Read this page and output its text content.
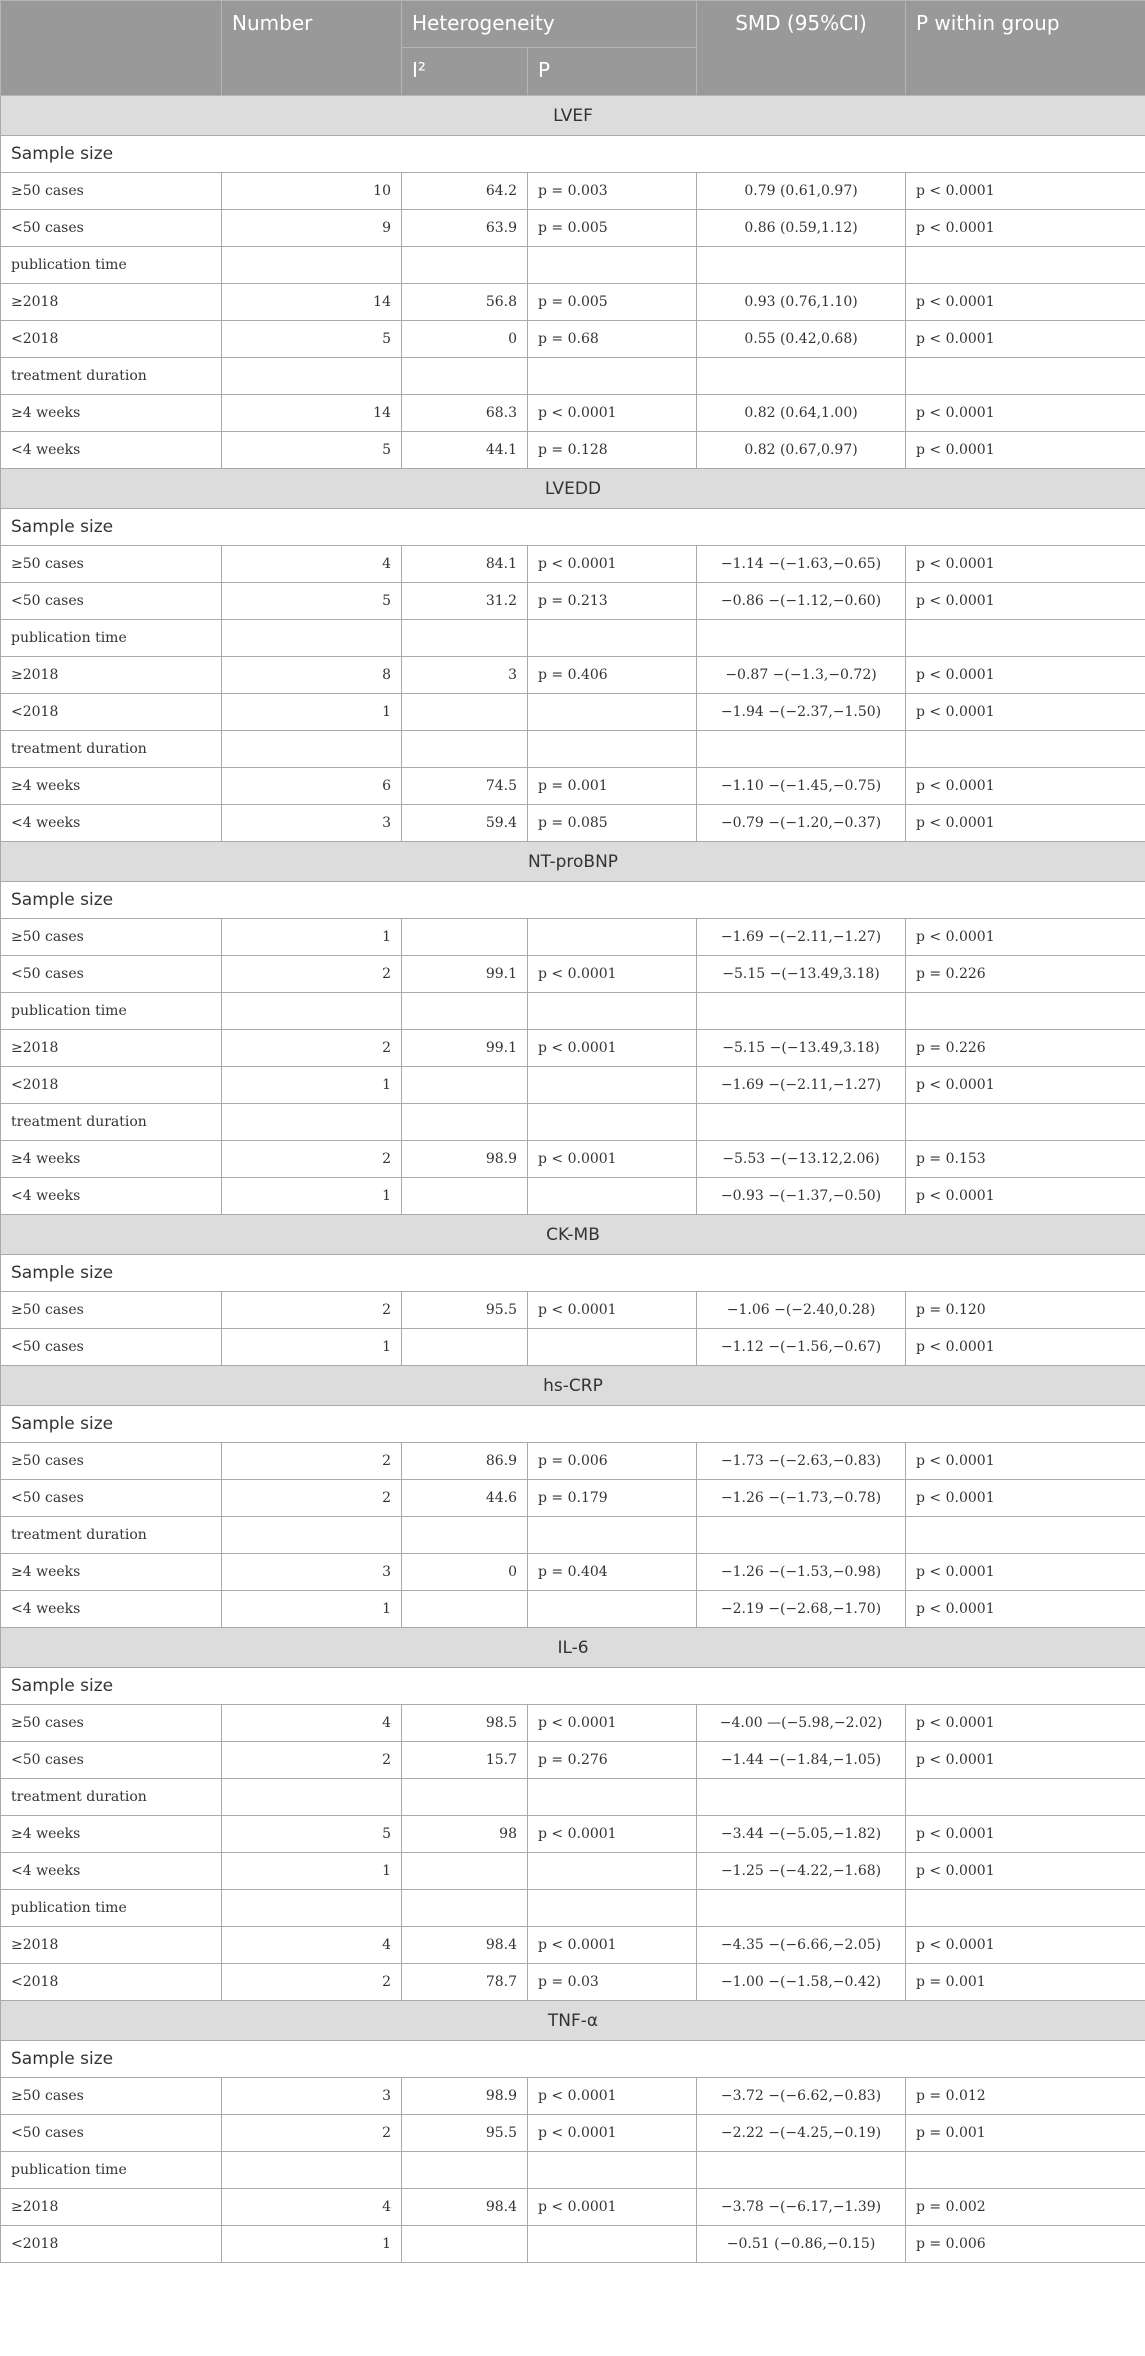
	Number	Heterogeneity		SMD (95%CI)	P within group
		I²	P		
LVEF					
Sample size					
≥50 cases	10	64.2	p = 0.003	0.79 (0.61,0.97)	p < 0.0001
<50 cases	9	63.9	p = 0.005	0.86 (0.59,1.12)	p < 0.0001
publication time					
≥2018	14	56.8	p = 0.005	0.93 (0.76,1.10)	p < 0.0001
<2018	5	0	p = 0.68	0.55 (0.42,0.68)	p < 0.0001
treatment duration					
≥4 weeks	14	68.3	p < 0.0001	0.82 (0.64,1.00)	p < 0.0001
<4 weeks	5	44.1	p = 0.128	0.82 (0.67,0.97)	p < 0.0001
LVEDD					
Sample size					
≥50 cases	4	84.1	p < 0.0001	−1.14 −(−1.63,−0.65)	p < 0.0001
<50 cases	5	31.2	p = 0.213	−0.86 −(−1.12,−0.60)	p < 0.0001
publication time					
≥2018	8	3	p = 0.406	−0.87 −(−1.3,−0.72)	p < 0.0001
<2018	1			−1.94 −(−2.37,−1.50)	p < 0.0001
treatment duration					
≥4 weeks	6	74.5	p = 0.001	−1.10 −(−1.45,−0.75)	p < 0.0001
<4 weeks	3	59.4	p = 0.085	−0.79 −(−1.20,−0.37)	p < 0.0001
NT-proBNP					
Sample size					
≥50 cases	1			−1.69 −(−2.11,−1.27)	p < 0.0001
<50 cases	2	99.1	p < 0.0001	−5.15 −(−13.49,3.18)	p = 0.226
publication time					
≥2018	2	99.1	p < 0.0001	−5.15 −(−13.49,3.18)	p = 0.226
<2018	1			−1.69 −(−2.11,−1.27)	p < 0.0001
treatment duration					
≥4 weeks	2	98.9	p < 0.0001	−5.53 −(−13.12,2.06)	p = 0.153
<4 weeks	1			−0.93 −(−1.37,−0.50)	p < 0.0001
CK-MB					
Sample size					
≥50 cases	2	95.5	p < 0.0001	−1.06 −(−2.40,0.28)	p = 0.120
<50 cases	1			−1.12 −(−1.56,−0.67)	p < 0.0001
hs-CRP					
Sample size					
≥50 cases	2	86.9	p = 0.006	−1.73 −(−2.63,−0.83)	p < 0.0001
<50 cases	2	44.6	p = 0.179	−1.26 −(−1.73,−0.78)	p < 0.0001
treatment duration					
≥4 weeks	3	0	p = 0.404	−1.26 −(−1.53,−0.98)	p < 0.0001
<4 weeks	1			−2.19 −(−2.68,−1.70)	p < 0.0001
IL-6					
Sample size					
≥50 cases	4	98.5	p < 0.0001	−4.00 —(−5.98,−2.02)	p < 0.0001
<50 cases	2	15.7	p = 0.276	−1.44 −(−1.84,−1.05)	p < 0.0001
treatment duration					
≥4 weeks	5	98	p < 0.0001	−3.44 −(−5.05,−1.82)	p < 0.0001
<4 weeks	1			−1.25 −(−4.22,−1.68)	p < 0.0001
publication time					
≥2018	4	98.4	p < 0.0001	−4.35 −(−6.66,−2.05)	p < 0.0001
<2018	2	78.7	p = 0.03	−1.00 −(−1.58,−0.42)	p = 0.001
TNF-α					
Sample size					
≥50 cases	3	98.9	p < 0.0001	−3.72 −(−6.62,−0.83)	p = 0.012
<50 cases	2	95.5	p < 0.0001	−2.22 −(−4.25,−0.19)	p = 0.001
publication time					
≥2018	4	98.4	p < 0.0001	−3.78 −(−6.17,−1.39)	p = 0.002
<2018	1			−0.51 (−0.86,−0.15)	p = 0.006
